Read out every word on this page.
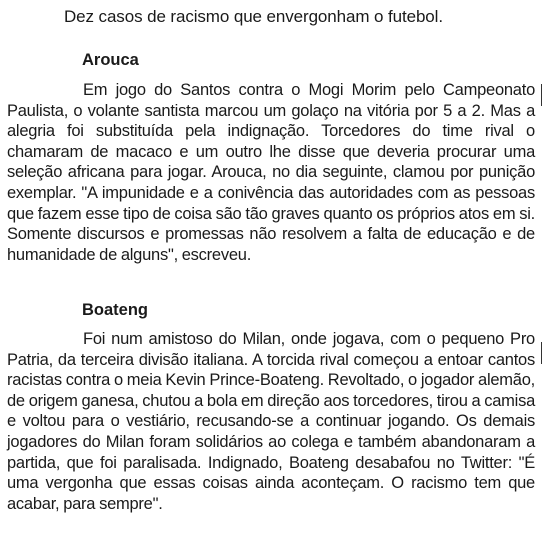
Dez casos de racismo que envergonham o futebol.
Arouca
Em jogo do Santos contra o Mogi Morim pelo Campeonato Paulista, o volante santista marcou um golaço na vitória por 5 a 2. Mas a alegria foi substituída pela indignação. Torcedores do time rival o chamaram de macaco e um outro lhe disse que deveria procurar uma seleção africana para jogar. Arouca, no dia seguinte, clamou por punição exemplar. "A impunidade e a conivência das autoridades com as pessoas que fazem esse tipo de coisa são tão graves quanto os próprios atos em si. Somente discursos e promessas não resolvem a falta de educação e de humanidade de alguns", escreveu.
Boateng
Foi num amistoso do Milan, onde jogava, com o pequeno Pro Patria, da terceira divisão italiana. A torcida rival começou a entoar cantos racistas contra o meia Kevin Prince-Boateng. Revoltado, o jogador alemão, de origem ganesa, chutou a bola em direção aos torcedores, tirou a camisa e voltou para o vestiário, recusando-se a continuar jogando. Os demais jogadores do Milan foram solidários ao colega e também abandonaram a partida, que foi paralisada. Indignado, Boateng desabafou no Twitter: "É uma vergonha que essas coisas ainda aconteçam. O racismo tem que acabar, para sempre".
